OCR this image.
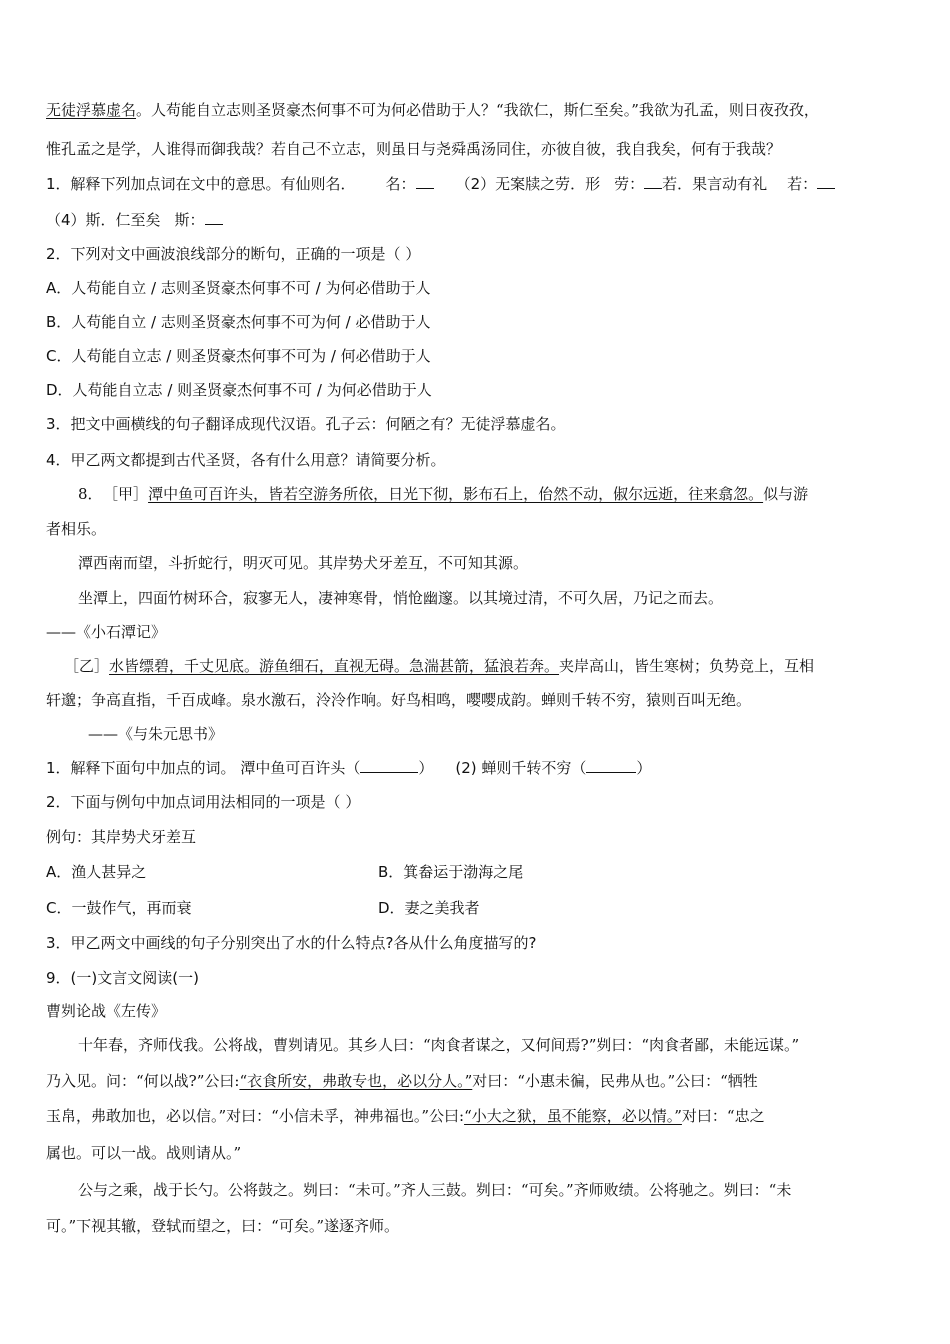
无徒浮慕虚名。人苟能自立志则圣贤豪杰何事不可为何必借助于人？“我欲仁，斯仁至矣。”我欲为孔孟，则日夜孜孜，
惟孔孟之是学，人谁得而御我哉？若自己不立志，则虽日与尧舜禹汤同住，亦彼自彼，我自我矣，何有于我哉？
1．解释下列加点词在文中的意思。有仙则名． 名：	（2）无案牍之劳．形 劳： 若．果言动有礼 若：
（4）斯．仁至矣 斯：
2．下列对文中画波浪线部分的断句，正确的一项是（ ）
A．人苟能自立 / 志则圣贤豪杰何事不可 / 为何必借助于人
B．人苟能自立 / 志则圣贤豪杰何事不可为何 / 必借助于人
C．人苟能自立志 / 则圣贤豪杰何事不可为 / 何必借助于人
D．人苟能自立志 / 则圣贤豪杰何事不可 / 为何必借助于人
3．把文中画横线的句子翻译成现代汉语。孔子云：何陋之有？无徒浮慕虚名。
4．甲乙两文都提到古代圣贤，各有什么用意？请简要分析。
8． ［甲］潭中鱼可百许头，皆若空游务所依，日光下彻，影布石上，佁然不动，俶尔远逝，往来翕忽。似与游
者相乐。
潭西南而望，斗折蛇行，明灭可见。其岸势犬牙差互，不可知其源。
坐潭上，四面竹树环合，寂寥无人，凄神寒骨，悄怆幽邃。以其境过清，不可久居，乃记之而去。
——《小石潭记》
［乙］水皆缥碧，千丈见底。游鱼细石，直视无碍。急湍甚箭，猛浪若奔。夹岸高山，皆生寒树；负势竞上，互相
轩邈；争高直指，千百成峰。泉水激石，泠泠作响。好鸟相鸣，嘤嘤成韵。蝉则千转不穷，猿则百叫无绝。
——《与朱元思书》
1．解释下面句中加点的词。 潭中鱼可百许头（	） (2) 蝉则千转不穷（	）
2．下面与例句中加点词用法相同的一项是（ ）
例句：其岸势犬牙差互
A．渔人甚异之	B．箕畚运于渤海之尾
C．一鼓作气，再而衰	D．妻之美我者
3．甲乙两文中画线的句子分别突出了水的什么特点?各从什么角度描写的?
9．(一)文言文阅读(一)
曹刿论战《左传》
十年春，齐师伐我。公将战，曹刿请见。其乡人曰：“肉食者谋之，又何间焉?”刿曰：“肉食者鄙，未能远谋。”
乃入见。问：“何以战?”公曰:“衣食所安，弗敢专也，必以分人。”对曰：“小惠未徧，民弗从也。”公曰：“牺牲
玉帛，弗敢加也，必以信。”对曰：“小信未孚，神弗福也。”公曰:“小大之狱，虽不能察，必以情。”对曰：“忠之
属也。可以一战。战则请从。”
公与之乘，战于长勺。公将鼓之。刿曰：“未可。”齐人三鼓。刿曰：“可矣。”齐师败绩。公将驰之。刿曰：“未
可。”下视其辙，登轼而望之，曰：“可矣。”遂逐齐师。
